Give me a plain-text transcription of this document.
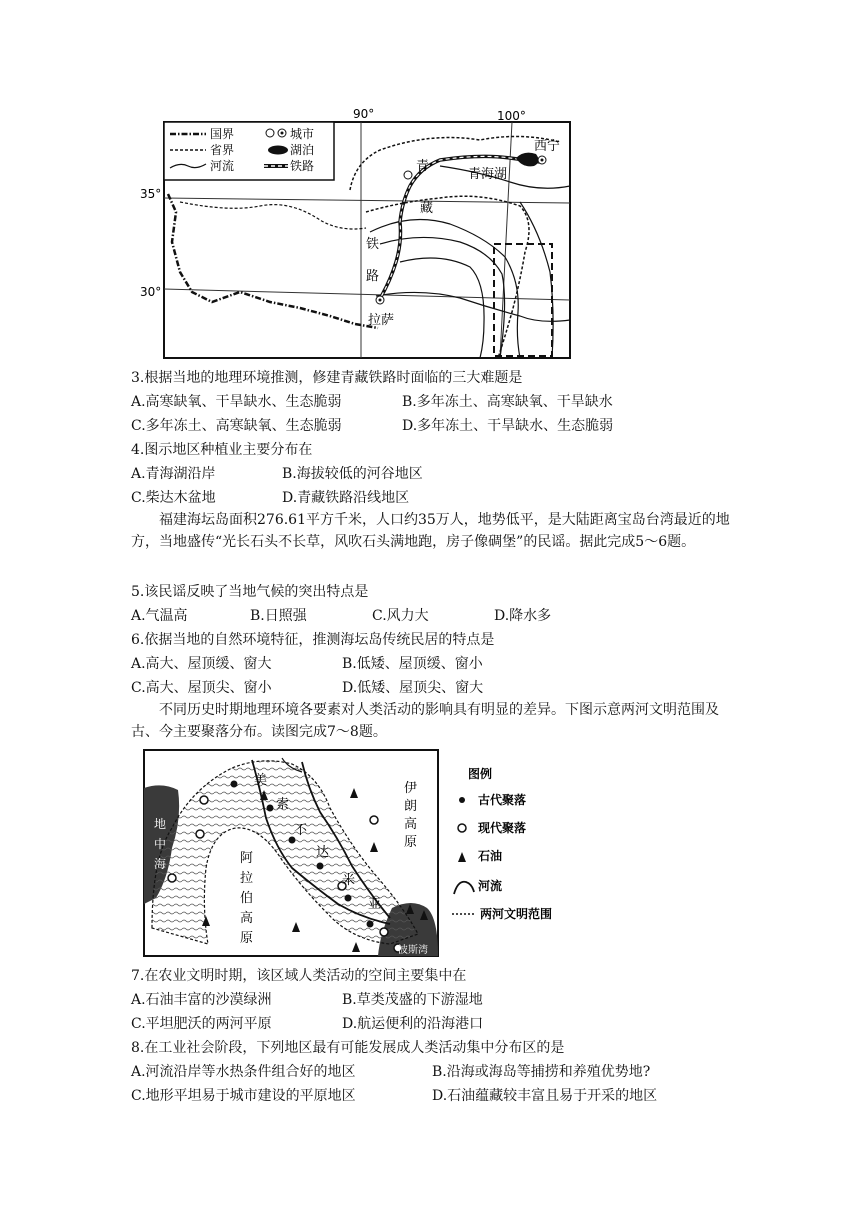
90°	100°
35°
30°
国界
省界
河流
城市
湖泊
铁路
西宁
青海湖
青
藏
铁
路
拉萨
3.根据当地的地理环境推测，修建青藏铁路时面临的三大难题是
A.高寒缺氧、干旱缺水、生态脆弱	B.多年冻土、高寒缺氧、干旱缺水
C.多年冻土、高寒缺氧、生态脆弱	D.多年冻土、干旱缺水、生态脆弱
4.图示地区种植业主要分布在
A.青海湖沿岸	B.海拔较低的河谷地区
C.柴达木盆地	D.青藏铁路沿线地区
福建海坛岛面积276.61平方千米，人口约35万人，地势低平，是大陆距离宝岛台湾最近的地方，当地盛传“光长石头不长草，风吹石头满地跑，房子像碉堡”的民谣。据此完成5～6题。
5.该民谣反映了当地气候的突出特点是
A.气温高	B.日照强	C.风力大	D.降水多
6.依据当地的自然环境特征，推测海坛岛传统民居的特点是
A.高大、屋顶缓、窗大	B.低矮、屋顶缓、窗小
C.高大、屋顶尖、窗小	D.低矮、屋顶尖、窗大
不同历史时期地理环境各要素对人类活动的影响具有明显的差异。下图示意两河文明范围及古、今主要聚落分布。读图完成7～8题。
地
中
海
美
索
不
达
米
亚
伊
朗
高
原
阿
拉
伯
高
原
波斯湾
图例
古代聚落
现代聚落
石油
河流
两河文明范围
7.在农业文明时期，该区域人类活动的空间主要集中在
A.石油丰富的沙漠绿洲	B.草类茂盛的下游湿地
C.平坦肥沃的两河平原	D.航运便利的沿海港口
8.在工业社会阶段，下列地区最有可能发展成人类活动集中分布区的是
A.河流沿岸等水热条件组合好的地区	B.沿海或海岛等捕捞和养殖优势地?
C.地形平坦易于城市建设的平原地区	D.石油蕴藏较丰富且易于开采的地区
